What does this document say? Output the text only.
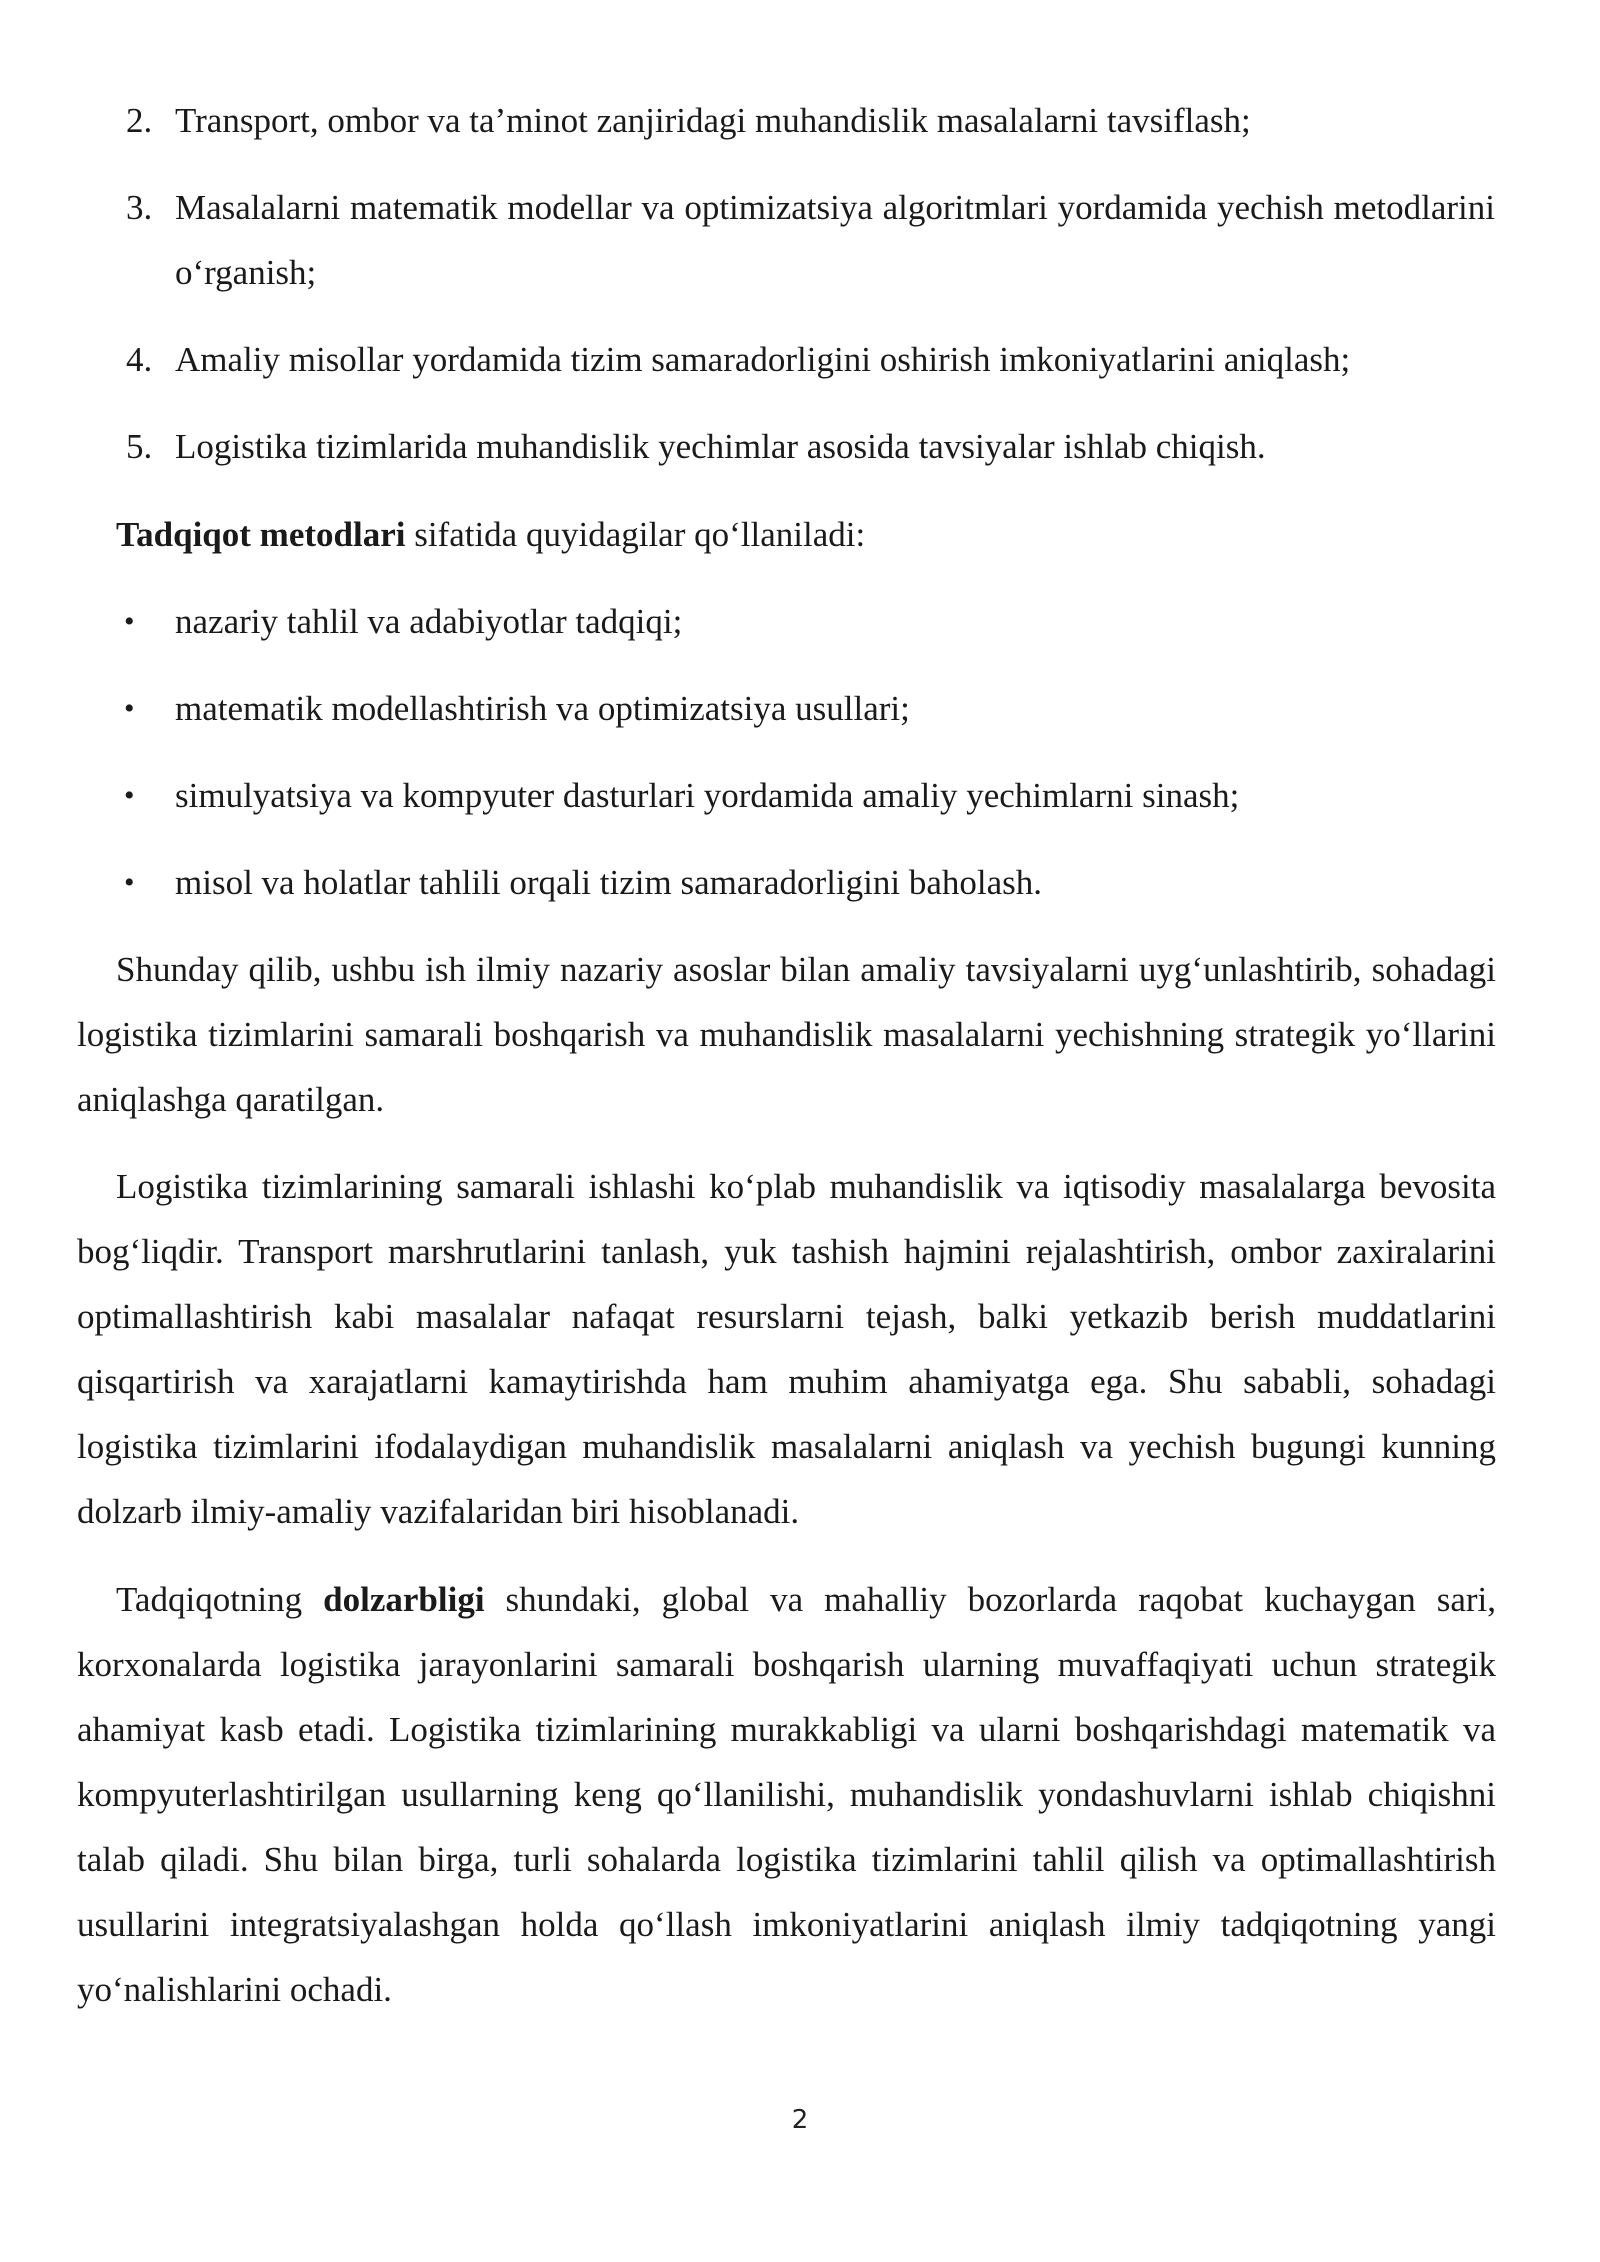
2. Transport, ombor va ta’minot zanjiridagi muhandislik masalalarni tavsiflash;
3. Masalalarni matematik modellar va optimizatsiya algoritmlari yordamida yechish metodlarini o‘rganish;
4. Amaliy misollar yordamida tizim samaradorligini oshirish imkoniyatlarini aniqlash;
5. Logistika tizimlarida muhandislik yechimlar asosida tavsiyalar ishlab chiqish.
Tadqiqot metodlari sifatida quyidagilar qo‘llaniladi:
• nazariy tahlil va adabiyotlar tadqiqi;
• matematik modellashtirish va optimizatsiya usullari;
• simulyatsiya va kompyuter dasturlari yordamida amaliy yechimlarni sinash;
• misol va holatlar tahlili orqali tizim samaradorligini baholash.

Shunday qilib, ushbu ish ilmiy nazariy asoslar bilan amaliy tavsiyalarni uyg‘unlashtirib, sohadagi logistika tizimlarini samarali boshqarish va muhandislik masalalarni yechishning strategik yo‘llarini aniqlashga qaratilgan.

Logistika tizimlarining samarali ishlashi ko‘plab muhandislik va iqtisodiy masalalarga bevosita bog‘liqdir. Transport marshrutlarini tanlash, yuk tashish hajmini rejalashtirish, ombor zaxiralarini optimallashtirish kabi masalalar nafaqat resurslarni tejash, balki yetkazib berish muddatlarini qisqartirish va xarajatlarni kamaytirishda ham muhim ahamiyatga ega. Shu sababli, sohadagi logistika tizimlarini ifodalaydigan muhandislik masalalarni aniqlash va yechish bugungi kunning dolzarb ilmiy-amaliy vazifalaridan biri hisoblanadi.

Tadqiqotning dolzarbligi shundaki, global va mahalliy bozorlarda raqobat kuchaygan sari, korxonalarda logistika jarayonlarini samarali boshqarish ularning muvaffaqiyati uchun strategik ahamiyat kasb etadi. Logistika tizimlarining murakkabligi va ularni boshqarishdagi matematik va kompyuterlashtirilgan usullarning keng qo‘llanilishi, muhandislik yondashuvlarni ishlab chiqishni talab qiladi. Shu bilan birga, turli sohalarda logistika tizimlarini tahlil qilish va optimallashtirish usullarini integratsiyalashgan holda qo‘llash imkoniyatlarini aniqlash ilmiy tadqiqotning yangi yo‘nalishlarini ochadi.

2
